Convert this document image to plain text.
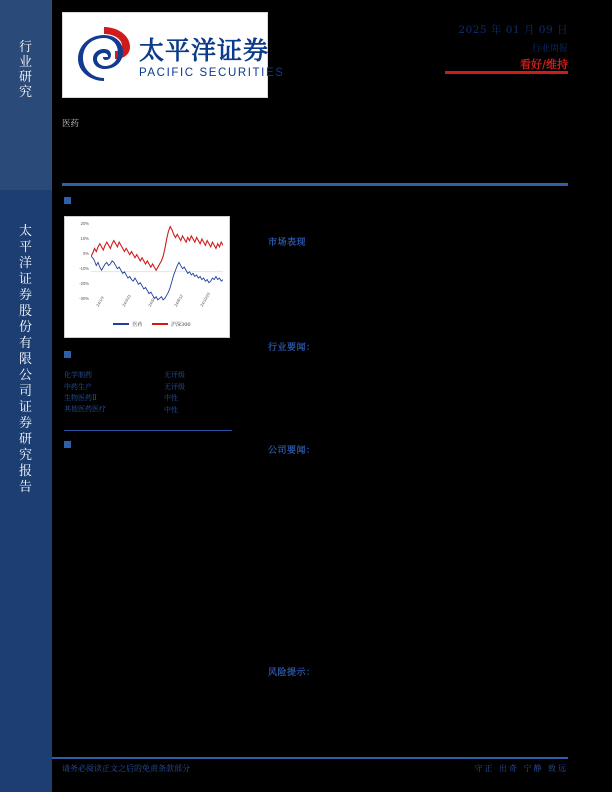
行业研究
太平洋证券股份有限公司证券研究报告
太平洋证券
PACIFIC SECURITIES
2025 年 01 月 09 日
行业周报
看好/维持
医药
20%
10%
0%
-10%
-20%
-30% 24/1/9	24/3/21	24/6/1	24/8/12	24/10/23
医药	沪深300
化学制药	无评级
中药生产	无评级
生物医药Ⅱ	中性
其他医药医疗	中性
市场表现
行业要闻：
公司要闻：
风险提示：
请务必阅读正文之后的免责条款部分	守正 出奇 宁静 致远
